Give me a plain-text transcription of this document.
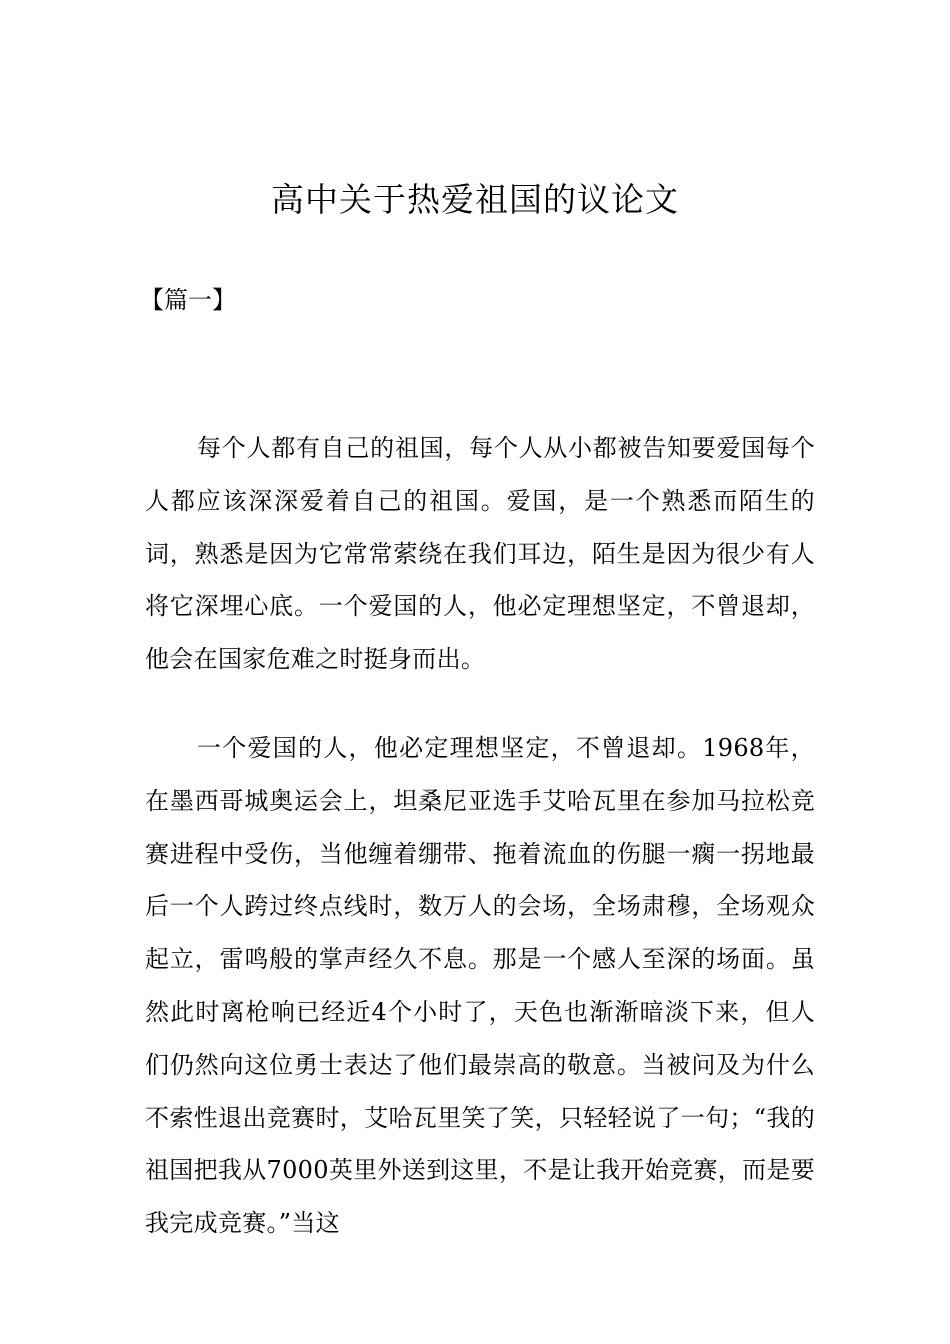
高中关于热爱祖国的议论文
【篇一】

每个人都有自己的祖国，每个人从小都被告知要爱国每个人都应该深深爱着自己的祖国。爱国，是一个熟悉而陌生的词，熟悉是因为它常常萦绕在我们耳边，陌生是因为很少有人将它深埋心底。一个爱国的人，他必定理想坚定，不曾退却，他会在国家危难之时挺身而出。

一个爱国的人，他必定理想坚定，不曾退却。1968年，在墨西哥城奥运会上，坦桑尼亚选手艾哈瓦里在参加马拉松竞赛进程中受伤，当他缠着绷带、拖着流血的伤腿一瘸一拐地最后一个人跨过终点线时，数万人的会场，全场肃穆，全场观众起立，雷鸣般的掌声经久不息。那是一个感人至深的场面。虽然此时离枪响已经近4个小时了，天色也渐渐暗淡下来，但人们仍然向这位勇士表达了他们最崇高的敬意。当被问及为什么不索性退出竞赛时，艾哈瓦里笑了笑，只轻轻说了一句；“我的祖国把我从7000英里外送到这里，不是让我开始竞赛，而是要我完成竞赛。”当这
